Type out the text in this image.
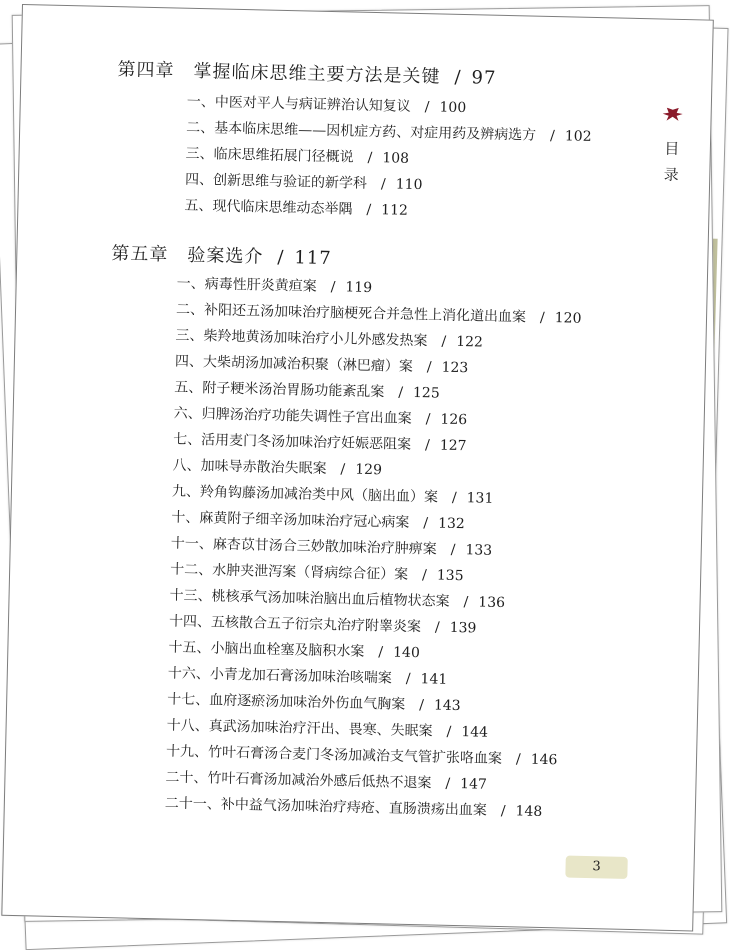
目
录
第四章　掌握临床思维主要方法是关键 / 97
一、中医对平人与病证辨治认知复议 / 100
二、基本临床思维——因机症方药、对症用药及辨病选方 / 102
三、临床思维拓展门径概说 / 108
四、创新思维与验证的新学科 / 110
五、现代临床思维动态举隅 / 112
第五章　验案选介 / 117
一、病毒性肝炎黄疸案 / 119
二、补阳还五汤加味治疗脑梗死合并急性上消化道出血案 / 120
三、柴羚地黄汤加味治疗小儿外感发热案 / 122
四、大柴胡汤加减治积聚（淋巴瘤）案 / 123
五、附子粳米汤治胃肠功能紊乱案 / 125
六、归脾汤治疗功能失调性子宫出血案 / 126
七、活用麦门冬汤加味治疗妊娠恶阻案 / 127
八、加味导赤散治失眠案 / 129
九、羚角钩藤汤加减治类中风（脑出血）案 / 131
十、麻黄附子细辛汤加味治疗冠心病案 / 132
十一、麻杏苡甘汤合三妙散加味治疗肿痹案 / 133
十二、水肿夹泄泻案（肾病综合征）案 / 135
十三、桃核承气汤加味治脑出血后植物状态案 / 136
十四、五核散合五子衍宗丸治疗附睾炎案 / 139
十五、小脑出血栓塞及脑积水案 / 140
十六、小青龙加石膏汤加味治咳喘案 / 141
十七、血府逐瘀汤加味治外伤血气胸案 / 143
十八、真武汤加味治疗汗出、畏寒、失眠案 / 144
十九、竹叶石膏汤合麦门冬汤加减治支气管扩张咯血案 / 146
二十、竹叶石膏汤加减治外感后低热不退案 / 147
二十一、补中益气汤加味治疗痔疮、直肠溃疡出血案 / 148
3
